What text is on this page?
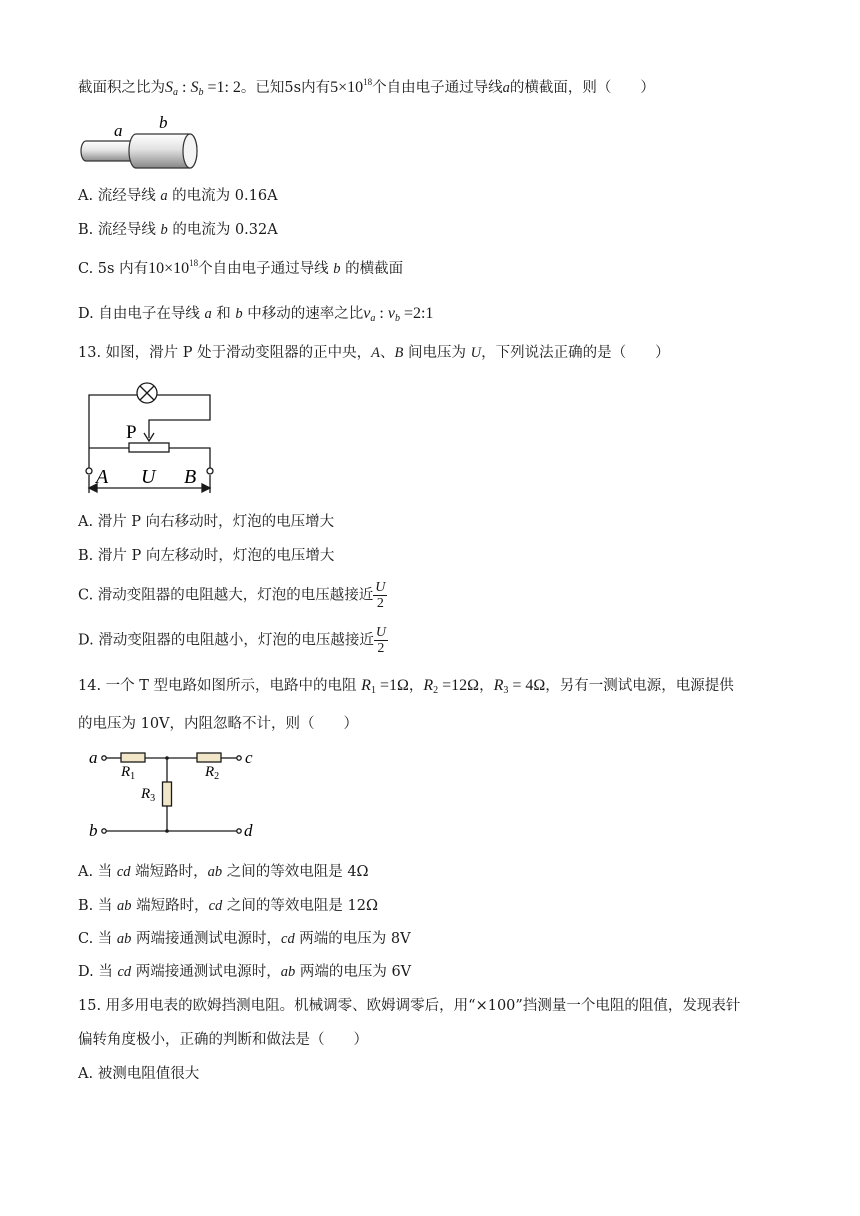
截面积之比为$S_a$ : $S_b =1$: 2。已知5s内有$5\times 10^{18}$个自由电子通过导线a的横截面，则（　　）
a b
A. 流经导线 a 的电流为 0.16A
B. 流经导线 b 的电流为 0.32A
C. 5s 内有$10\times 10^{18}$个自由电子通过导线 b 的横截面
D. 自由电子在导线 a 和 b 中移动的速率之比$v_a$ : $v_b$ =2:1
13. 如图，滑片 P 处于滑动变阻器的正中央，A、B 间电压为 U，下列说法正确的是（　　）
P
A U B
A. 滑片 P 向右移动时，灯泡的电压增大
B. 滑片 P 向左移动时，灯泡的电压增大
C. 滑动变阻器的电阻越大，灯泡的电压越接近 $\frac{U}{2}$
D. 滑动变阻器的电阻越小，灯泡的电压越接近 $\frac{U}{2}$
14. 一个 T 型电路如图所示，电路中的电阻 $R_1 =1\Omega$，$R_2 =12\Omega$，$R_3 = 4\Omega$，另有一测试电源，电源提供
的电压为 10V，内阻忽略不计，则（　　）
a	c
b	d
$R_1$	$R_2$
$R_3$
A. 当 cd 端短路时，ab 之间的等效电阻是 4Ω
B. 当 ab 端短路时，cd 之间的等效电阻是 12Ω
C. 当 ab 两端接通测试电源时，cd 两端的电压为 8V
D. 当 cd 两端接通测试电源时，ab 两端的电压为 6V
15. 用多用电表的欧姆挡测电阻。机械调零、欧姆调零后，用“×100”挡测量一个电阻的阻值，发现表针
偏转角度极小，正确的判断和做法是（　　）
A. 被测电阻值很大
